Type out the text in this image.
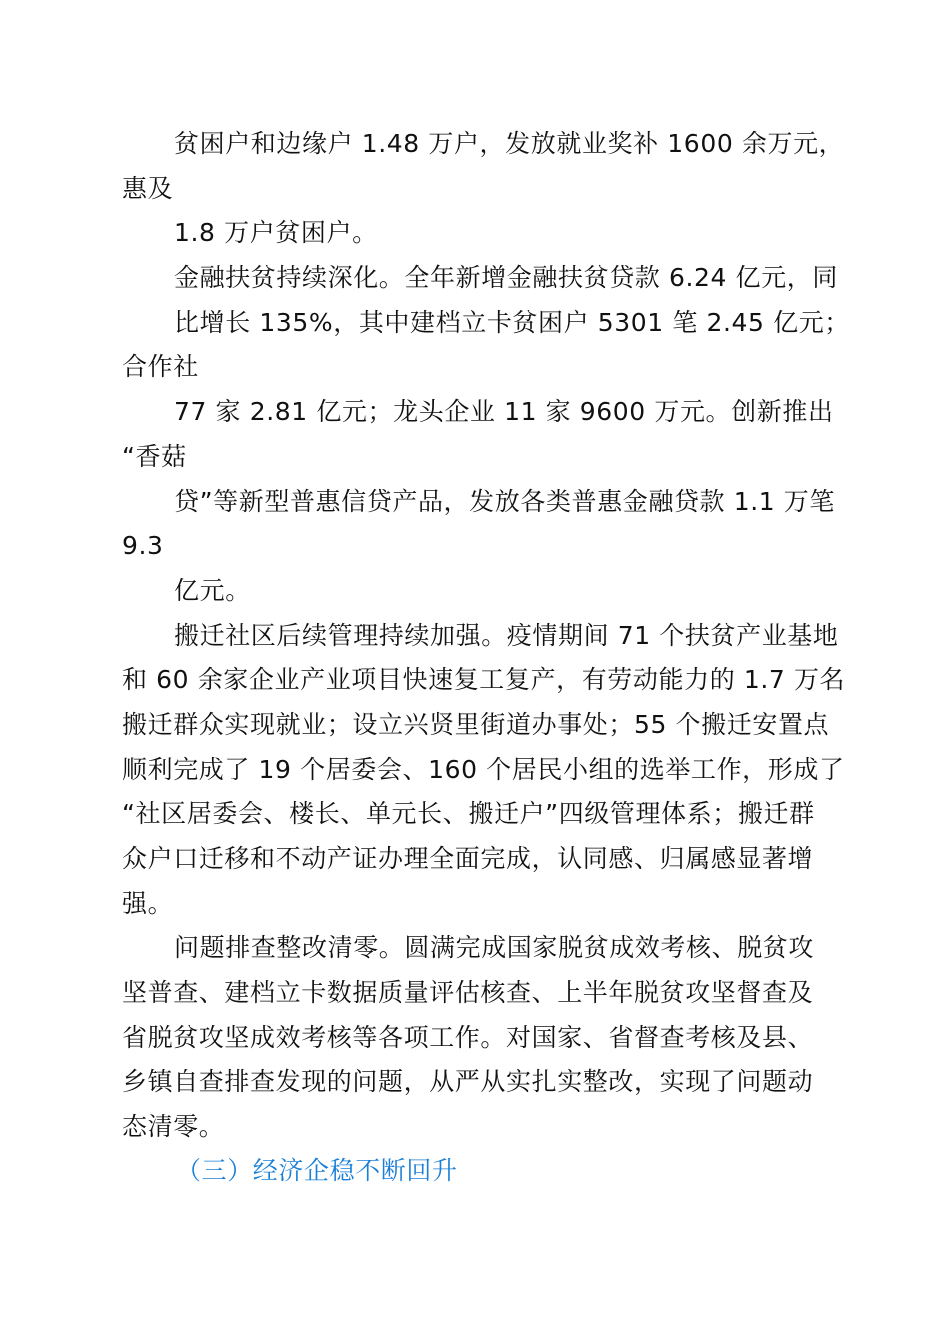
贫困户和边缘户 1.48 万户，发放就业奖补 1600 余万元，
惠及
1.8 万户贫困户。
金融扶贫持续深化。全年新增金融扶贫贷款 6.24 亿元，同
比增长 135%，其中建档立卡贫困户 5301 笔 2.45 亿元；
合作社
77 家 2.81 亿元；龙头企业 11 家 9600 万元。创新推出
“香菇
贷”等新型普惠信贷产品，发放各类普惠金融贷款 1.1 万笔
9.3
亿元。
搬迁社区后续管理持续加强。疫情期间 71 个扶贫产业基地
和 60 余家企业产业项目快速复工复产，有劳动能力的 1.7 万名
搬迁群众实现就业；设立兴贤里街道办事处；55 个搬迁安置点
顺利完成了 19 个居委会、160 个居民小组的选举工作，形成了
“社区居委会、楼长、单元长、搬迁户”四级管理体系；搬迁群
众户口迁移和不动产证办理全面完成，认同感、归属感显著增
强。
问题排查整改清零。圆满完成国家脱贫成效考核、脱贫攻
坚普查、建档立卡数据质量评估核查、上半年脱贫攻坚督查及
省脱贫攻坚成效考核等各项工作。对国家、省督查考核及县、
乡镇自查排查发现的问题，从严从实扎实整改，实现了问题动
态清零。
（三）经济企稳不断回升
